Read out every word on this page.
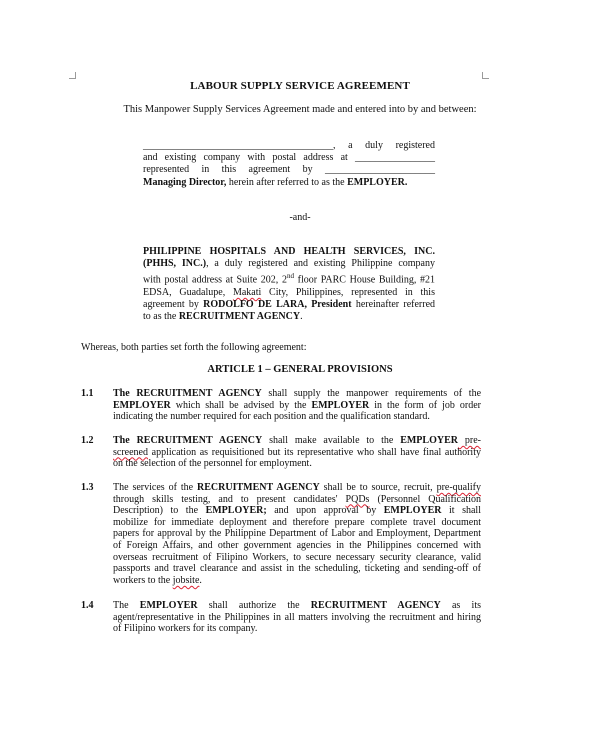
LABOUR SUPPLY SERVICE AGREEMENT
This Manpower Supply Services Agreement made and entered into by and between:
______________________________________, a duly registered
and existing company with postal address at ________________
represented in this agreement by ______________________
Managing Director, herein after referred to as the EMPLOYER.
-and-
PHILIPPINE HOSPITALS AND HEALTH SERVICES, INC.
(PHHS, INC.), a duly registered and existing Philippine company
with postal address at Suite 202, 2nd floor PARC House Building, #21
EDSA, Guadalupe, Makati City, Philippines, represented in this
agreement by RODOLFO DE LARA, President hereinafter referred
to as the RECRUITMENT AGENCY.
Whereas, both parties set forth the following agreement:
ARTICLE 1 – GENERAL PROVISIONS
1.1 The RECRUITMENT AGENCY shall supply the manpower requirements of the
EMPLOYER which shall be advised by the EMPLOYER in the form of job order
indicating the number required for each position and the qualification standard.
1.2 The RECRUITMENT AGENCY shall make available to the EMPLOYER pre-
screened application as requisitioned but its representative who shall have final authority
on the selection of the personnel for employment.
1.3 The services of the RECRUITMENT AGENCY shall be to source, recruit, pre-qualify
through skills testing, and to present candidates' PQDs (Personnel Qualification
Description) to the EMPLOYER; and upon approval by EMPLOYER it shall
mobilize for immediate deployment and therefore prepare complete travel document
papers for approval by the Philippine Department of Labor and Employment, Department
of Foreign Affairs, and other government agencies in the Philippines concerned with
overseas recruitment of Filipino Workers, to secure necessary security clearance, valid
passports and travel clearance and assist in the scheduling, ticketing and sending-off of
workers to the jobsite.
1.4 The EMPLOYER shall authorize the RECRUITMENT AGENCY as its
agent/representative in the Philippines in all matters involving the recruitment and hiring
of Filipino workers for its company.
